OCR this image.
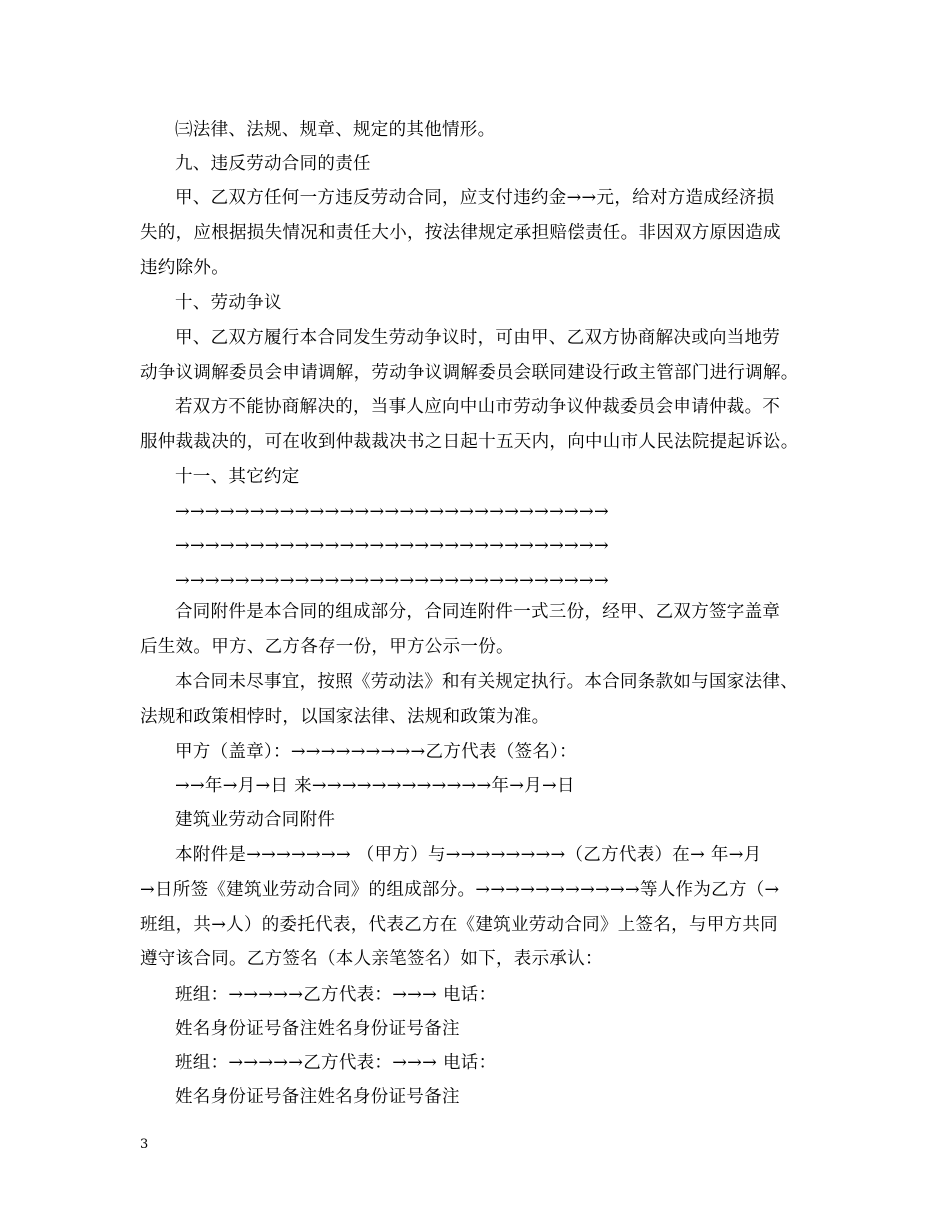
㈢法律、法规、规章、规定的其他情形。
九、违反劳动合同的责任
甲、乙双方任何一方违反劳动合同，应支付违约金→→元，给对方造成经济损
失的，应根据损失情况和责任大小，按法律规定承担赔偿责任。非因双方原因造成
违约除外。
十、劳动争议
甲、乙双方履行本合同发生劳动争议时，可由甲、乙双方协商解决或向当地劳
动争议调解委员会申请调解，劳动争议调解委员会联同建设行政主管部门进行调解。
若双方不能协商解决的，当事人应向中山市劳动争议仲裁委员会申请仲裁。不
服仲裁裁决的，可在收到仲裁裁决书之日起十五天内，向中山市人民法院提起诉讼。
十一、其它约定
→→→→→→→→→→→→→→→→→→→→→→→→→→→→→
→→→→→→→→→→→→→→→→→→→→→→→→→→→→→
→→→→→→→→→→→→→→→→→→→→→→→→→→→→→
合同附件是本合同的组成部分，合同连附件一式三份，经甲、乙双方签字盖章
后生效。甲方、乙方各存一份，甲方公示一份。
本合同未尽事宜，按照《劳动法》和有关规定执行。本合同条款如与国家法律、
法规和政策相悖时，以国家法律、法规和政策为准。
甲方（盖章）：→→→→→→→→→乙方代表（签名）：
→→年→月→日 来→→→→→→→→→→→→年→月→日
建筑业劳动合同附件
本附件是→→→→→→→ （甲方）与→→→→→→→→（乙方代表）在→ 年→月
→日所签《建筑业劳动合同》的组成部分。→→→→→→→→→→→等人作为乙方（→
班组，共→人）的委托代表，代表乙方在《建筑业劳动合同》上签名，与甲方共同
遵守该合同。乙方签名（本人亲笔签名）如下，表示承认：
班组：→→→→→乙方代表：→→→ 电话：
姓名身份证号备注姓名身份证号备注
班组：→→→→→乙方代表：→→→ 电话：
姓名身份证号备注姓名身份证号备注
3
